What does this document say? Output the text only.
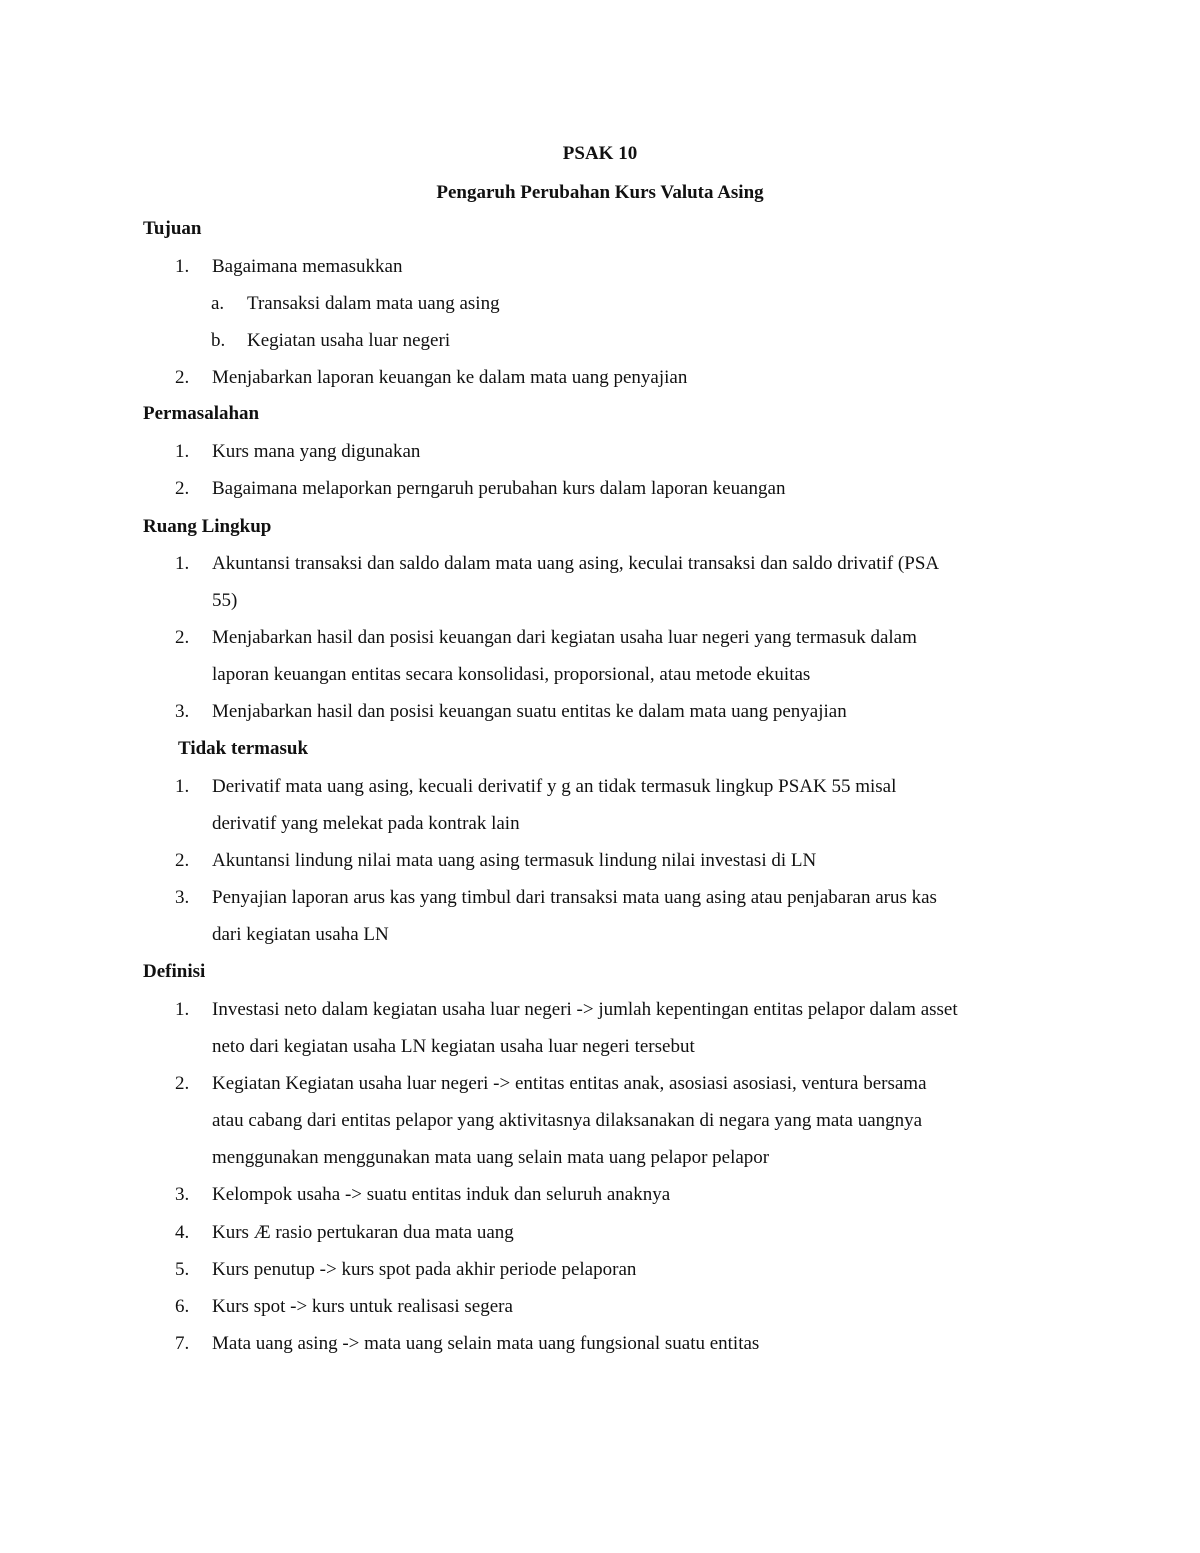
PSAK 10
Pengaruh Perubahan Kurs Valuta Asing
Tujuan
1. Bagaimana memasukkan
a. Transaksi dalam mata uang asing
b. Kegiatan usaha luar negeri
2. Menjabarkan laporan keuangan ke dalam mata uang penyajian
Permasalahan
1. Kurs mana yang digunakan
2. Bagaimana melaporkan perngaruh perubahan kurs dalam laporan keuangan
Ruang Lingkup
1. Akuntansi transaksi dan saldo dalam mata uang asing, keculai transaksi dan saldo drivatif (PSA
55)
2. Menjabarkan hasil dan posisi keuangan dari kegiatan usaha luar negeri yang termasuk dalam
laporan keuangan entitas secara konsolidasi, proporsional, atau metode ekuitas
3. Menjabarkan hasil dan posisi keuangan suatu entitas ke dalam mata uang penyajian
Tidak termasuk
1. Derivatif mata uang asing, kecuali derivatif y g an tidak termasuk lingkup PSAK 55 misal
derivatif yang melekat pada kontrak lain
2. Akuntansi lindung nilai mata uang asing termasuk lindung nilai investasi di LN
3. Penyajian laporan arus kas yang timbul dari transaksi mata uang asing atau penjabaran arus kas
dari kegiatan usaha LN
Definisi
1. Investasi neto dalam kegiatan usaha luar negeri -> jumlah kepentingan entitas pelapor dalam asset
neto dari kegiatan usaha LN kegiatan usaha luar negeri tersebut
2. Kegiatan Kegiatan usaha luar negeri -> entitas entitas anak, asosiasi asosiasi, ventura bersama
atau cabang dari entitas pelapor yang aktivitasnya dilaksanakan di negara yang mata uangnya
menggunakan menggunakan mata uang selain mata uang pelapor pelapor
3. Kelompok usaha -> suatu entitas induk dan seluruh anaknya
4. Kurs Æ rasio pertukaran dua mata uang
5. Kurs penutup -> kurs spot pada akhir periode pelaporan
6. Kurs spot -> kurs untuk realisasi segera
7. Mata uang asing -> mata uang selain mata uang fungsional suatu entitas
